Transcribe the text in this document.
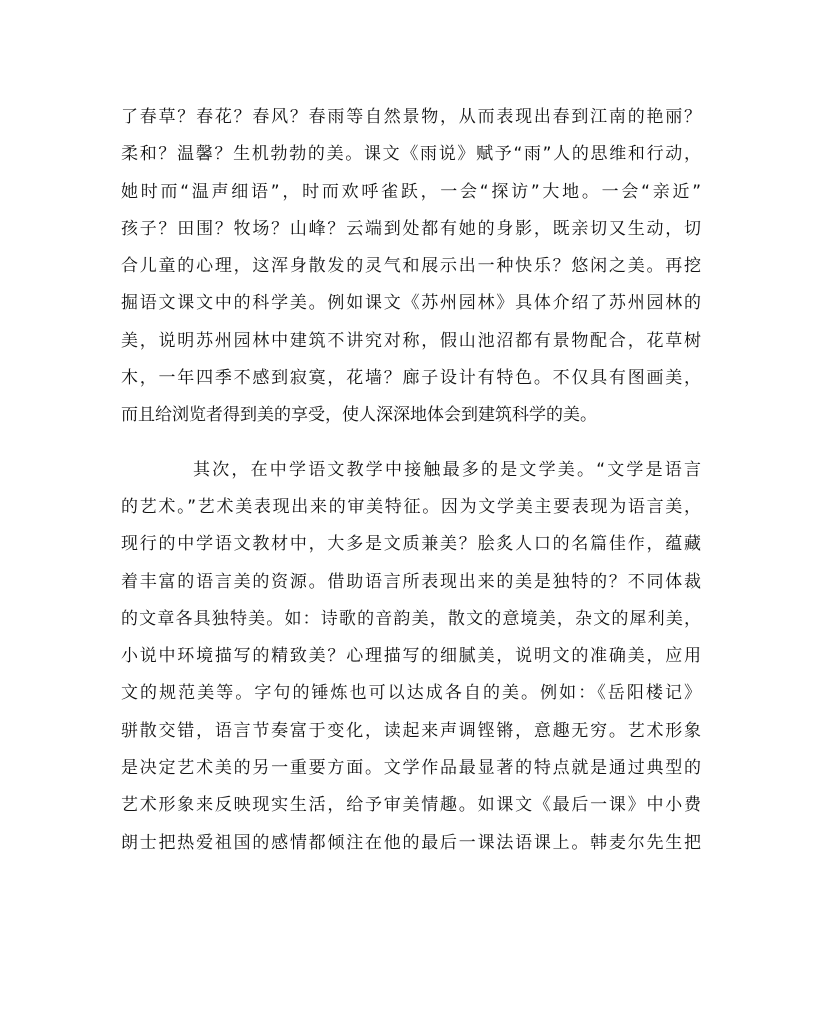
了春草？春花？春风？春雨等自然景物，从而表现出春到江南的艳丽？
柔和？温馨？生机勃勃的美。课文《雨说》赋予“雨”人的思维和行动，
她时而“温声细语”，时而欢呼雀跃，一会“探访”大地。一会“亲近”
孩子？田围？牧场？山峰？云端到处都有她的身影，既亲切又生动，切
合儿童的心理，这浑身散发的灵气和展示出一种快乐？悠闲之美。再挖
掘语文课文中的科学美。例如课文《苏州园林》具体介绍了苏州园林的
美，说明苏州园林中建筑不讲究对称，假山池沼都有景物配合，花草树
木，一年四季不感到寂寞，花墙？廊子设计有特色。不仅具有图画美，
而且给浏览者得到美的享受，使人深深地体会到建筑科学的美。
其次，在中学语文教学中接触最多的是文学美。“文学是语言
的艺术。”艺术美表现出来的审美特征。因为文学美主要表现为语言美，
现行的中学语文教材中，大多是文质兼美？脍炙人口的名篇佳作，蕴藏
着丰富的语言美的资源。借助语言所表现出来的美是独特的？不同体裁
的文章各具独特美。如：诗歌的音韵美，散文的意境美，杂文的犀利美，
小说中环境描写的精致美？心理描写的细腻美，说明文的准确美，应用
文的规范美等。字句的锤炼也可以达成各自的美。例如：《岳阳楼记》
骈散交错，语言节奏富于变化，读起来声调铿锵，意趣无穷。艺术形象
是决定艺术美的另一重要方面。文学作品最显著的特点就是通过典型的
艺术形象来反映现实生活，给予审美情趣。如课文《最后一课》中小费
朗士把热爱祖国的感情都倾注在他的最后一课法语课上。韩麦尔先生把
